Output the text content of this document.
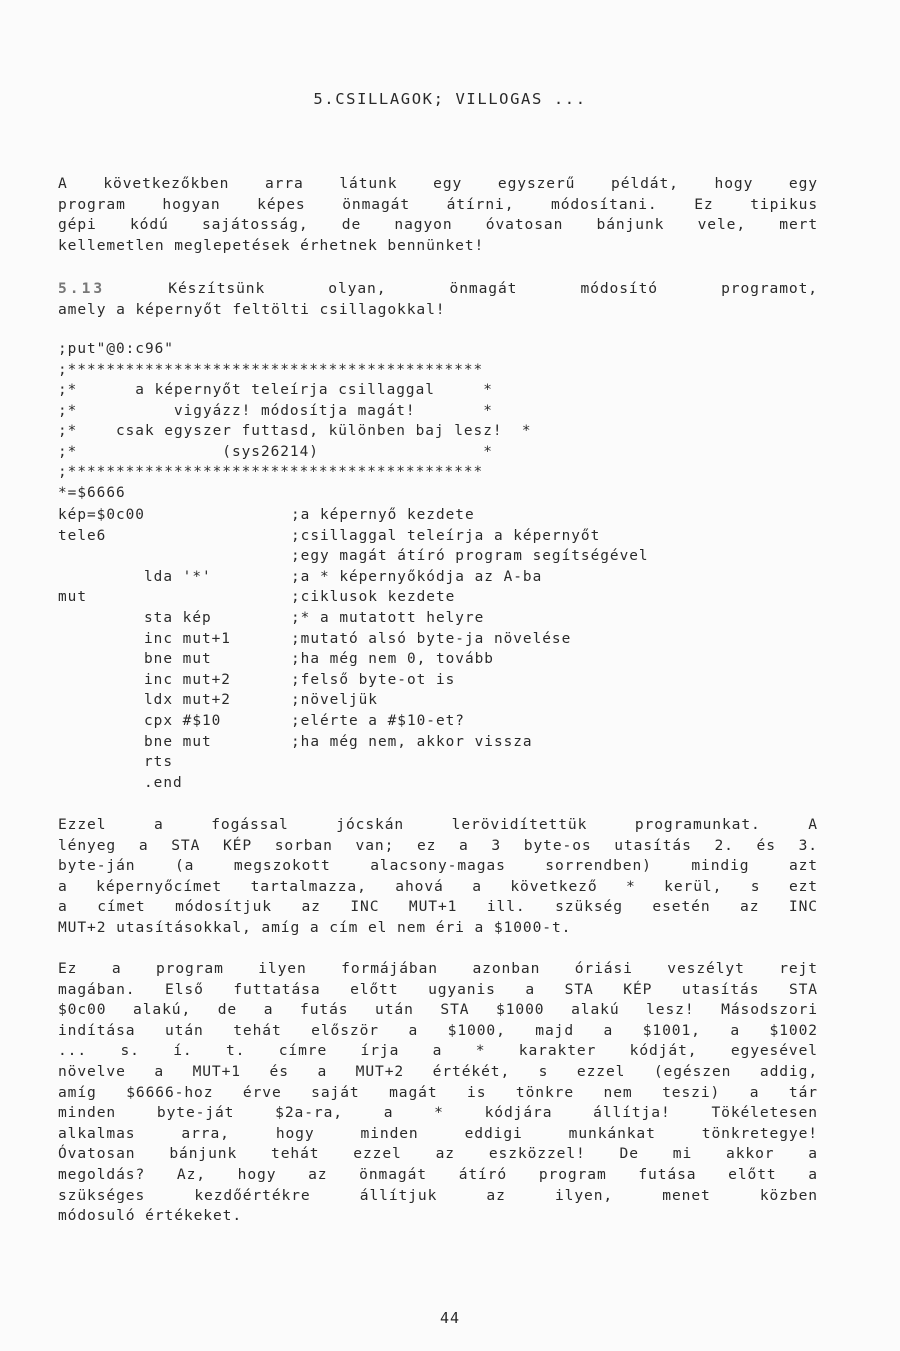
5.CSILLAGOK; VILLOGAS ...
A következőkben arra látunk egy egyszerű példát, hogy egy
program hogyan képes önmagát átírni, módosítani. Ez tipikus
gépi kódú sajátosság, de nagyon óvatosan bánjunk vele, mert
kellemetlen meglepetések érhetnek bennünket!
5.13	Készítsünk olyan, önmagát módosító programot,
amely a képernyőt feltölti csillagokkal!
;put"@0:c96"
;*******************************************
;*      a képernyőt teleírja csillaggal     *
;*          vigyázz! módosítja magát!       *
;*    csak egyszer futtasd, különben baj lesz!  *
;*               (sys26214)                 *
;*******************************************
*=$6666
kép=$0c00	;a képernyő kezdete
tele6	;csillaggal teleírja a képernyőt
;egy magát átíró program segítségével
lda '*'	;a * képernyőkódja az A-ba
mut	;ciklusok kezdete
sta kép	;* a mutatott helyre
inc mut+1	;mutató alsó byte-ja növelése
bne mut	;ha még nem 0, tovább
inc mut+2	;felső byte-ot is
ldx mut+2	;növeljük
cpx #$10	;elérte a #$10-et?
bne mut	;ha még nem, akkor vissza
rts
.end
Ezzel a fogással jócskán lerövidítettük programunkat. A
lényeg a STA KÉP sorban van; ez a 3 byte-os utasítás 2. és 3.
byte-ján (a megszokott alacsony-magas sorrendben) mindig azt
a képernyőcímet tartalmazza, ahová a következő * kerül, s ezt
a címet módosítjuk az INC MUT+1 ill. szükség esetén az INC
MUT+2 utasításokkal, amíg a cím el nem éri a $1000-t.
Ez a program ilyen formájában azonban óriási veszélyt rejt
magában. Első futtatása előtt ugyanis a STA KÉP utasítás STA
$0c00 alakú, de a futás után STA $1000 alakú lesz! Másodszori
indítása után tehát először a $1000, majd a $1001, a $1002
... s. í. t. címre írja a * karakter kódját, egyesével
növelve a MUT+1 és a MUT+2 értékét, s ezzel (egészen addig,
amíg $6666-hoz érve saját magát is tönkre nem teszi) a tár
minden byte-ját $2a-ra, a * kódjára állítja! Tökéletesen
alkalmas arra, hogy minden eddigi munkánkat tönkretegye!
Óvatosan bánjunk tehát ezzel az eszközzel! De mi akkor a
megoldás? Az, hogy az önmagát átíró program futása előtt a
szükséges kezdőértékre állítjuk az ilyen, menet közben
módosuló értékeket.
44
